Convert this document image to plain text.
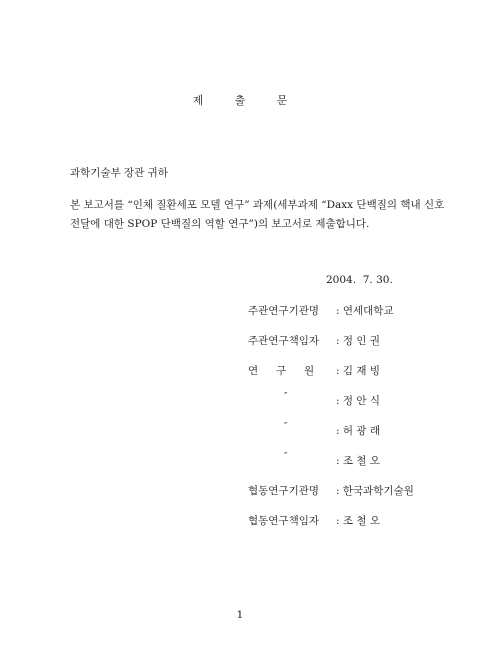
제 출 문
과학기술부 장관 귀하
본 보고서를 “인체 질환세포 모델 연구” 과제(세부과제 “Daxx 단백질의 핵내 신호
전달에 대한 SPOP 단백질의 역할 연구”)의 보고서로 제출합니다.
2004.  7. 30.
주관연구기관명 : 연세대학교
주관연구책임자 : 정 인 권
연 구 원 : 김 재 빙
″	: 정 안 식
″	: 허 광 래
″	: 조 철 오
협동연구기관명 : 한국과학기술원
협동연구책임자 : 조 철 오
1
